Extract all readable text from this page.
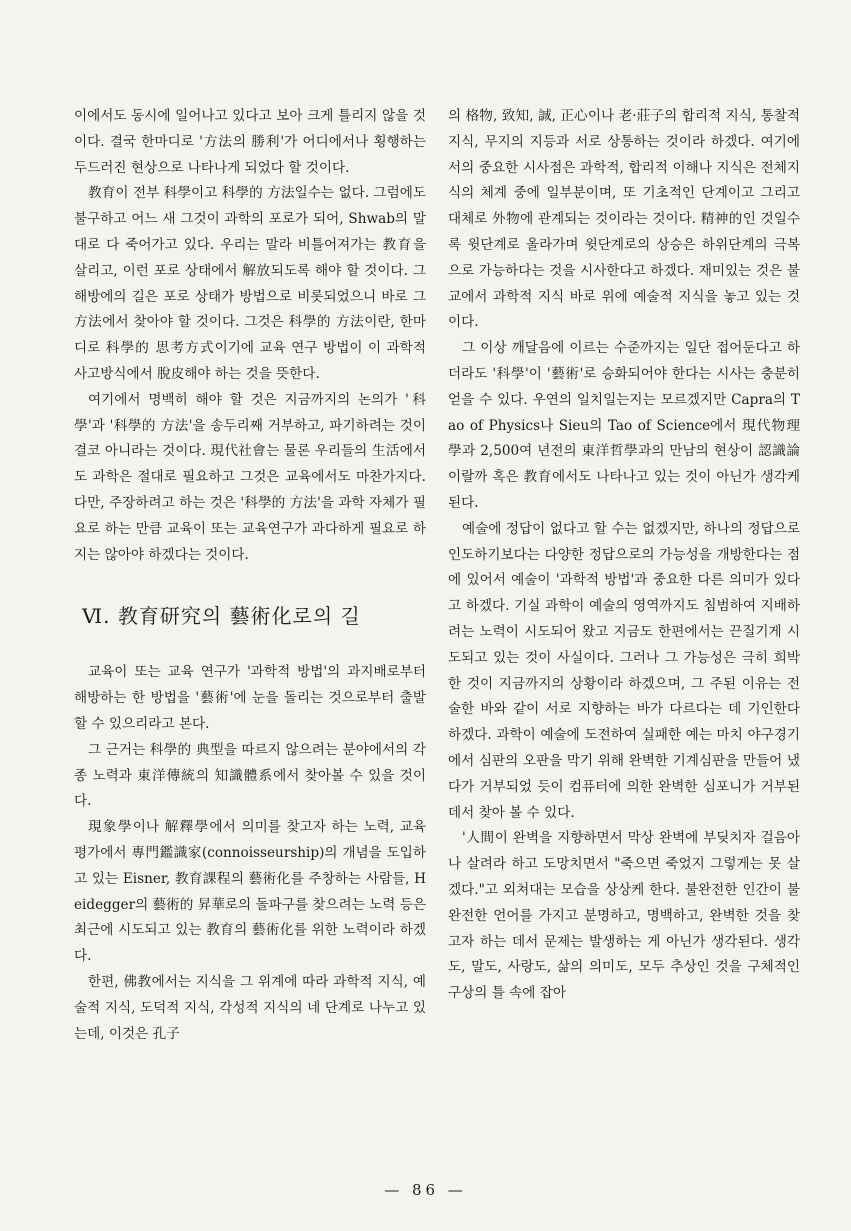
이에서도 동시에 일어나고 있다고 보아 크게 틀리지 않을 것이다. 결국 한마디로 '方法의 勝利'가 어디에서나 횡행하는 두드러진 현상으로 나타나게 되었다 할 것이다.

教育이 전부 科學이고 科學的 方法일수는 없다. 그럼에도 불구하고 어느 새 그것이 과학의 포로가 되어, Shwab의 말대로 다 죽어가고 있다. 우리는 말라 비틀어져가는 教育을 살리고, 이런 포로 상태에서 解放되도록 해야 할 것이다. 그 해방에의 길은 포로 상태가 방법으로 비롯되었으니 바로 그 方法에서 찾아야 할 것이다. 그것은 科學的 方法이란, 한마디로 科學的 思考方式이기에 교육 연구 방법이 이 과학적 사고방식에서 脫皮해야 하는 것을 뜻한다.

여기에서 명백히 해야 할 것은 지금까지의 논의가 '科學'과 '科學的 方法'을 송두리째 거부하고, 파기하려는 것이 결코 아니라는 것이다. 現代社會는 물론 우리들의 生活에서도 과학은 절대로 필요하고 그것은 교육에서도 마찬가지다. 다만, 주장하려고 하는 것은 '科學的 方法'을 과학 자체가 필요로 하는 만큼 교육이 또는 교육연구가 과다하게 필요로 하지는 않아야 하겠다는 것이다.

Ⅵ. 教育研究의 藝術化로의 길

교육이 또는 교육 연구가 '과학적 방법'의 과지배로부터 해방하는 한 방법을 '藝術'에 눈을 돌리는 것으로부터 출발할 수 있으리라고 본다.

그 근거는 科學的 典型을 따르지 않으려는 분야에서의 각종 노력과 東洋傳統의 知識體系에서 찾아볼 수 있을 것이다.

現象學이나 解釋學에서 의미를 찾고자 하는 노력, 교육 평가에서 專門鑑識家(connoisseurship)의 개념을 도입하고 있는 Eisner, 教育課程의 藝術化를 주창하는 사람들, Heidegger의 藝術的 昇華로의 돌파구를 찾으려는 노력 등은 최근에 시도되고 있는 教育의 藝術化를 위한 노력이라 하겠다.

한편, 佛教에서는 지식을 그 위계에 따라 과학적 지식, 예술적 지식, 도덕적 지식, 각성적 지식의 네 단계로 나누고 있는데, 이것은 孔子

의 格物, 致知, 誠, 正心이나 老·莊子의 합리적 지식, 통찰적 지식, 무지의 지등과 서로 상통하는 것이라 하겠다. 여기에서의 중요한 시사점은 과학적, 합리적 이해나 지식은 전체지식의 체계 중에 일부분이며, 또 기초적인 단계이고 그리고 대체로 外物에 관계되는 것이라는 것이다. 精神的인 것일수록 윗단계로 올라가며 윗단계로의 상승은 하위단계의 극복으로 가능하다는 것을 시사한다고 하겠다. 재미있는 것은 불교에서 과학적 지식 바로 위에 예술적 지식을 놓고 있는 것이다.

그 이상 깨달음에 이르는 수준까지는 일단 접어둔다고 하더라도 '科學'이 '藝術'로 승화되어야 한다는 시사는 충분히 얻을 수 있다. 우연의 일치일는지는 모르겠지만 Capra의 Tao of Physics나 Sieu의 Tao of Science에서 現代物理學과 2,500여 년전의 東洋哲學과의 만남의 현상이 認識論이랄까 혹은 教育에서도 나타나고 있는 것이 아닌가 생각케 된다.

예술에 정답이 없다고 할 수는 없겠지만, 하나의 정답으로 인도하기보다는 다양한 정답으로의 가능성을 개방한다는 점에 있어서 예술이 '과학적 방법'과 중요한 다른 의미가 있다고 하겠다. 기실 과학이 예술의 영역까지도 침범하여 지배하려는 노력이 시도되어 왔고 지금도 한편에서는 끈질기게 시도되고 있는 것이 사실이다. 그러나 그 가능성은 극히 희박한 것이 지금까지의 상황이라 하겠으며, 그 주된 이유는 전술한 바와 같이 서로 지향하는 바가 다르다는 데 기인한다 하겠다. 과학이 예술에 도전하여 실패한 예는 마치 야구경기에서 심판의 오판을 막기 위해 완벽한 기계심판을 만들어 냈다가 거부되었 듯이 컴퓨터에 의한 완벽한 심포니가 거부된 데서 찾아 볼 수 있다.

'人間이 완벽을 지향하면서 막상 완벽에 부딪치자 걸음아 나 살려라 하고 도망치면서 "죽으면 죽었지 그렇게는 못 살겠다."고 외쳐대는 모습을 상상케 한다. 불완전한 인간이 불완전한 언어를 가지고 분명하고, 명백하고, 완벽한 것을 찾고자 하는 데서 문제는 발생하는 게 아닌가 생각된다. 생각도, 말도, 사랑도, 삶의 의미도, 모두 추상인 것을 구체적인 구상의 틀 속에 잡아

— 86 —
